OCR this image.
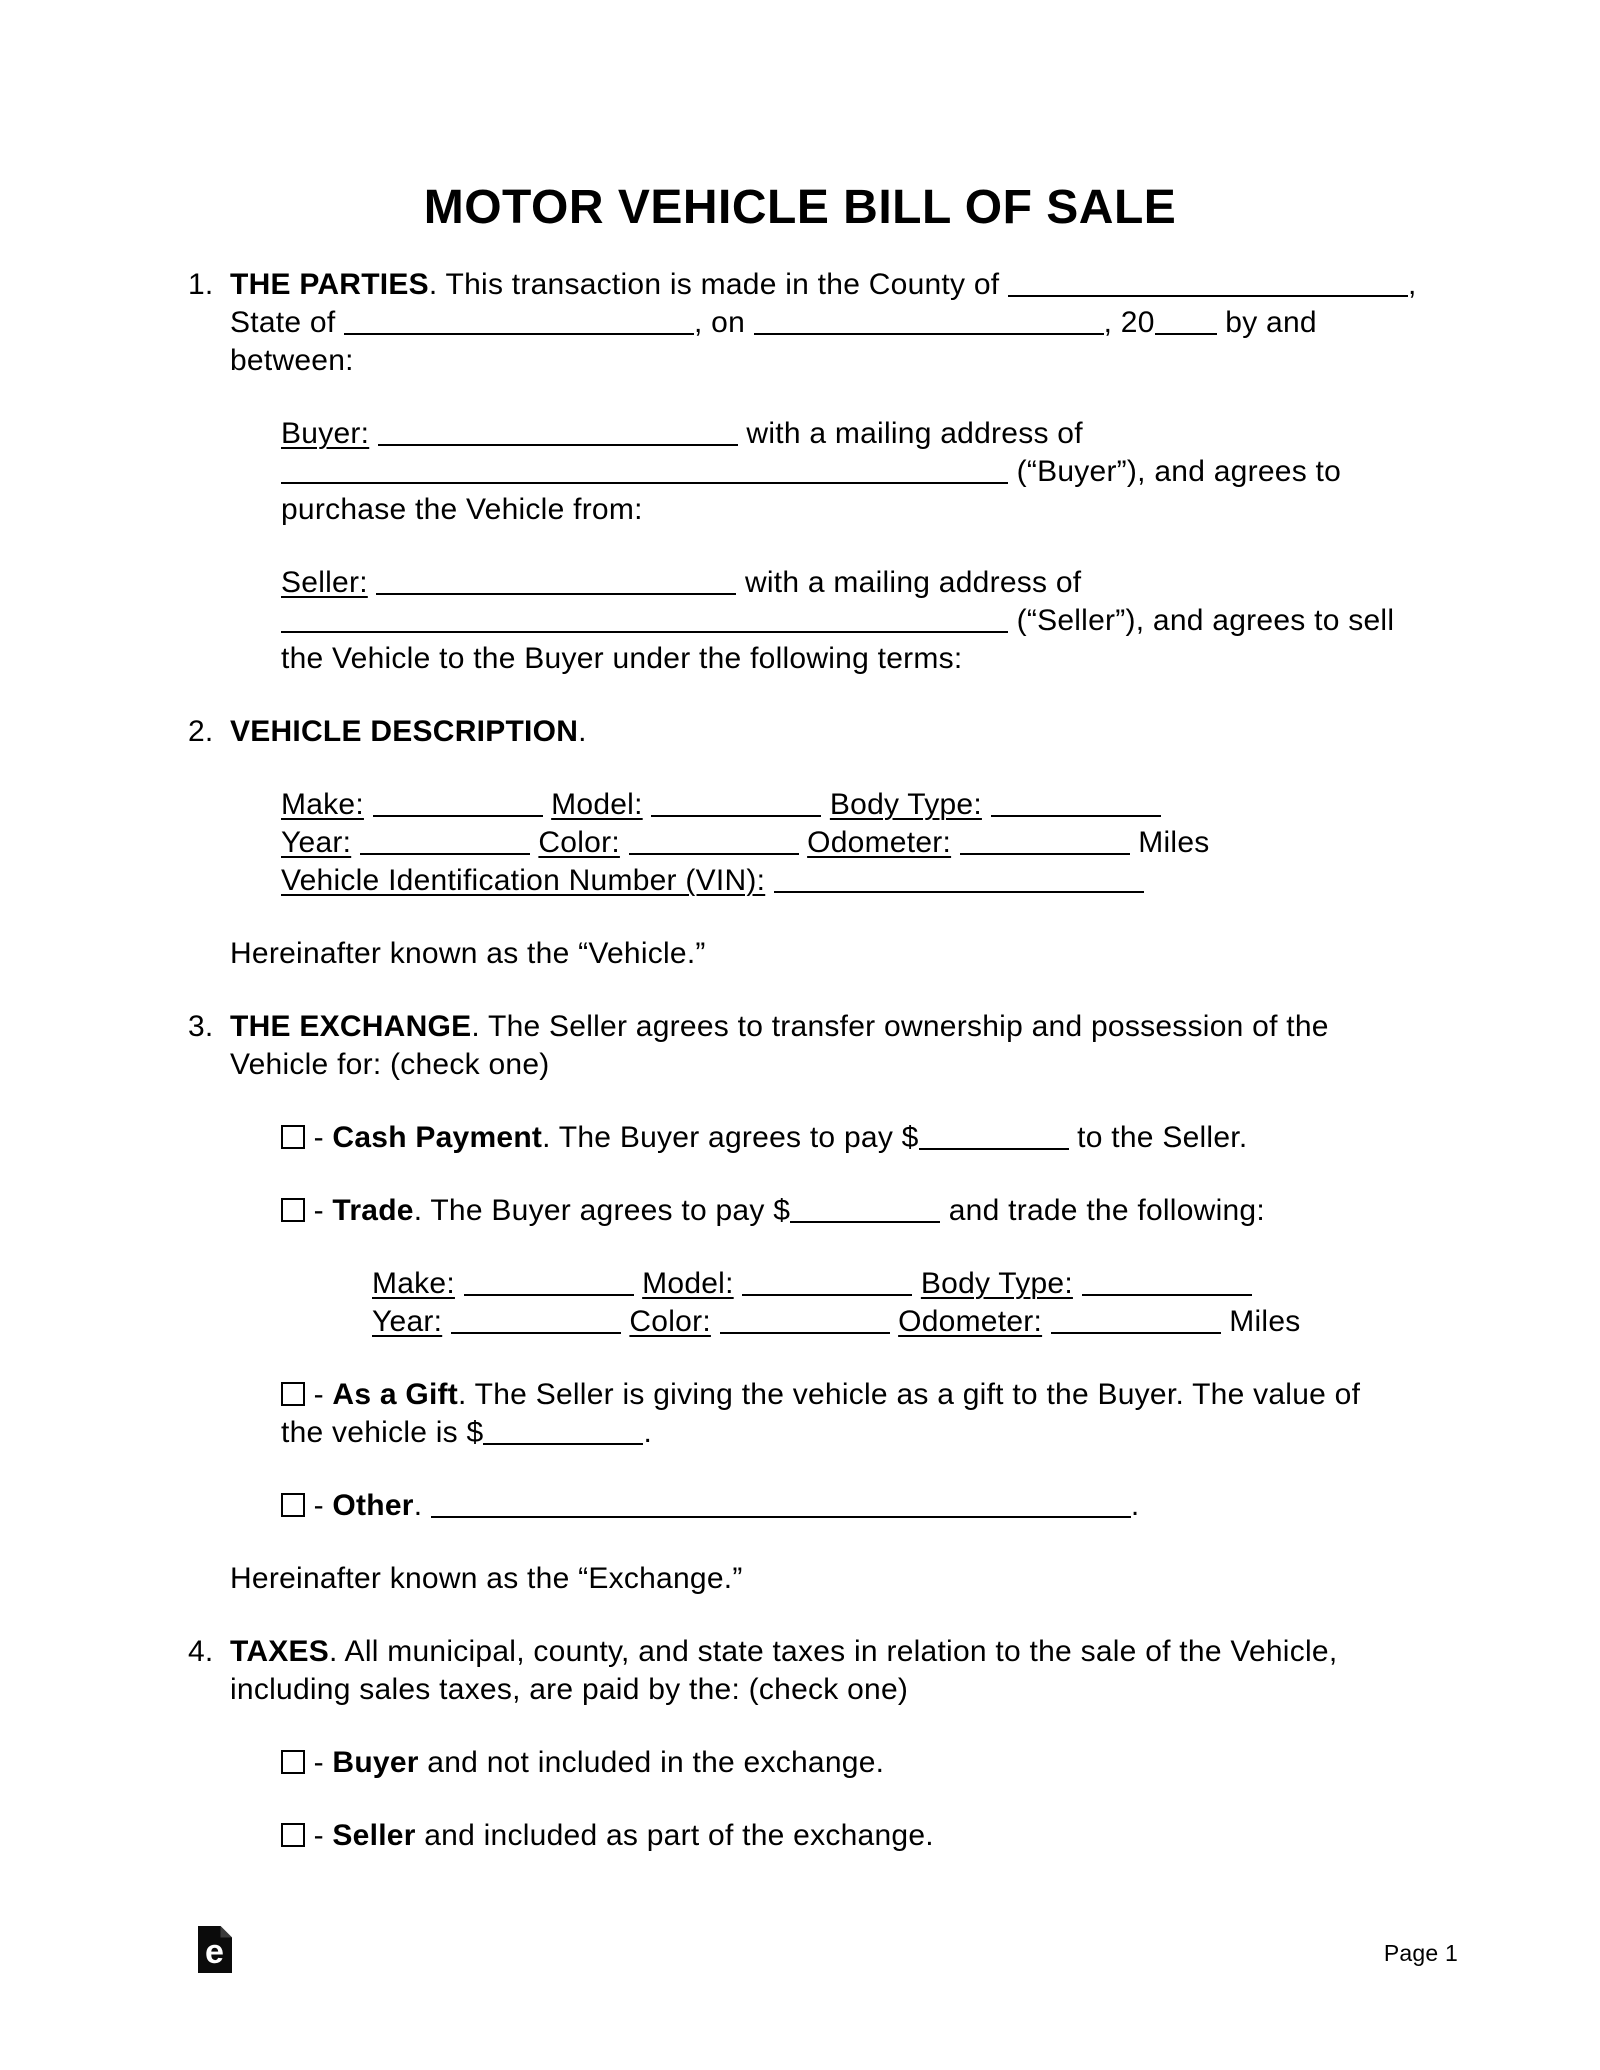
MOTOR VEHICLE BILL OF SALE
1. THE PARTIES. This transaction is made in the County of	,
State of	, on	, 20 by and
between:
Buyer:	with a mailing address of
(“Buyer”), and agrees to
purchase the Vehicle from:
Seller:	with a mailing address of
(“Seller”), and agrees to sell
the Vehicle to the Buyer under the following terms:
2. VEHICLE DESCRIPTION.
Make:	Model:	Body Type:
Year:	Color:	Odometer:	Miles
Vehicle Identification Number (VIN):
Hereinafter known as the “Vehicle.”
3. THE EXCHANGE. The Seller agrees to transfer ownership and possession of the
Vehicle for: (check one)
- Cash Payment. The Buyer agrees to pay $	to the Seller.
- Trade. The Buyer agrees to pay $	and trade the following:
Make:	Model:	Body Type:
Year:	Color:	Odometer:	Miles
- As a Gift. The Seller is giving the vehicle as a gift to the Buyer. The value of
the vehicle is $	.
- Other.	.
Hereinafter known as the “Exchange.”
4. TAXES. All municipal, county, and state taxes in relation to the sale of the Vehicle,
including sales taxes, are paid by the: (check one)
- Buyer and not included in the exchange.
- Seller and included as part of the exchange.
e	Page 1
